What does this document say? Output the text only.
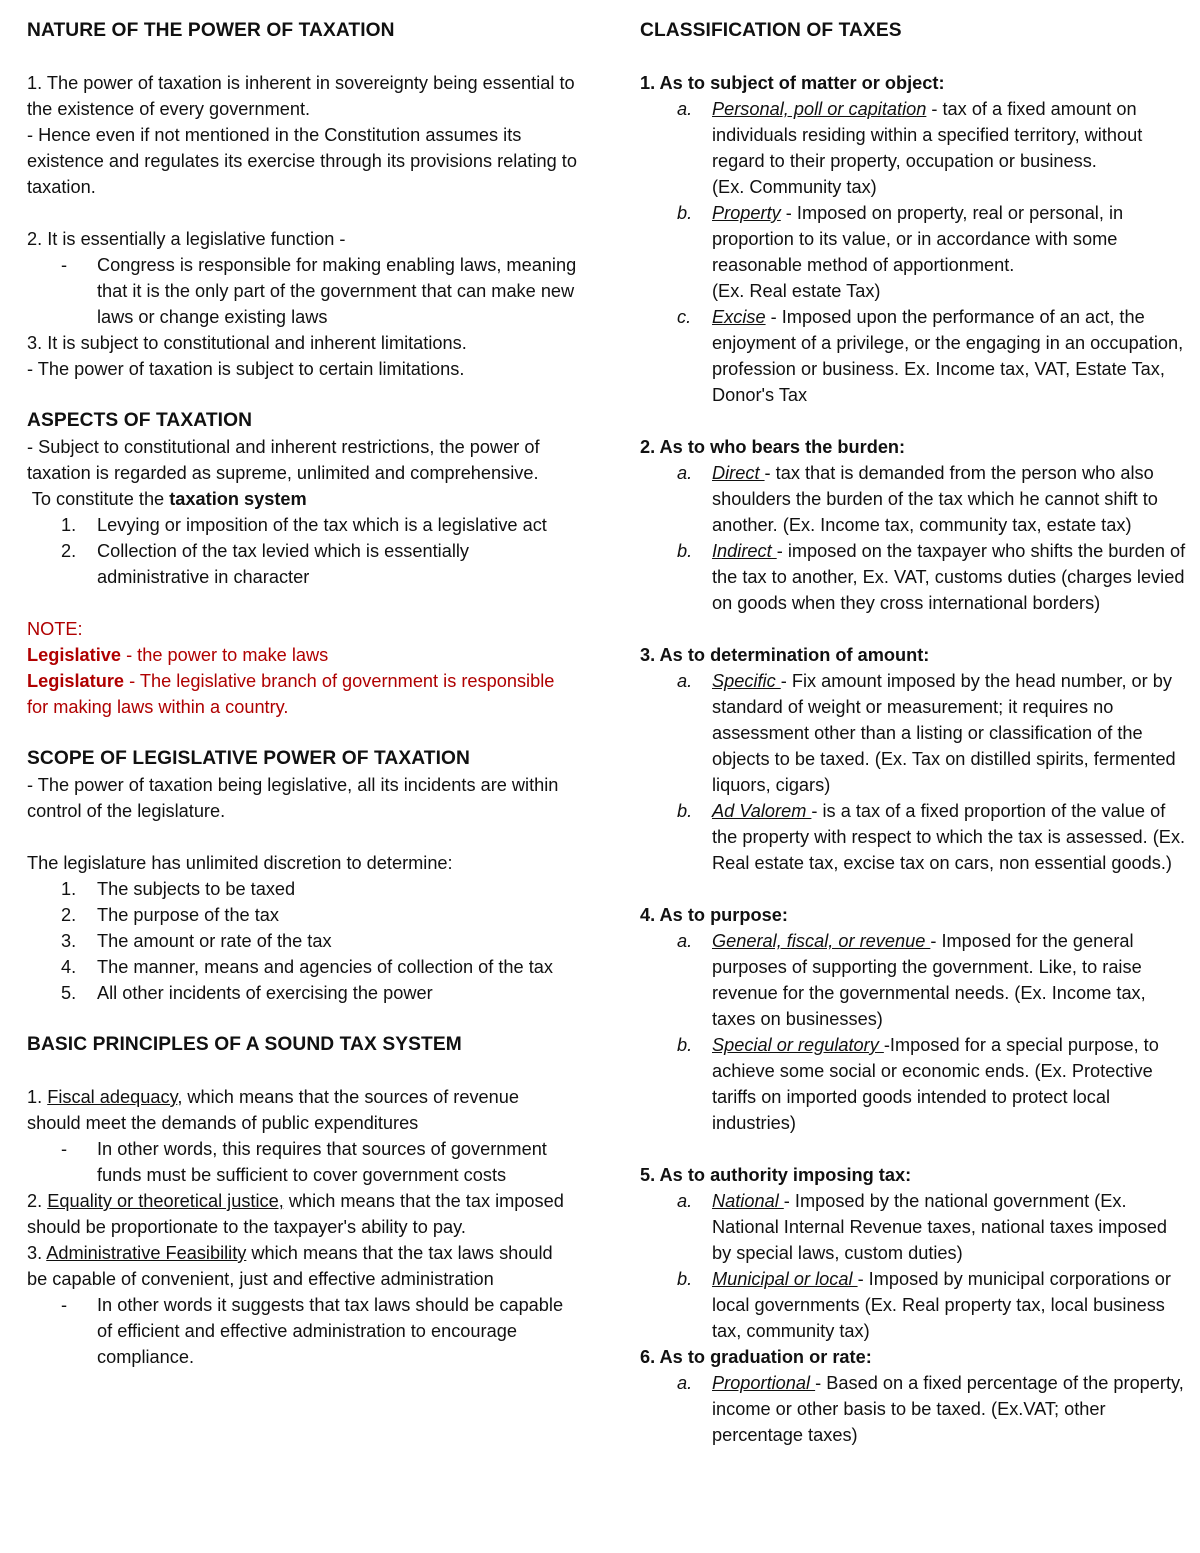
NATURE OF THE POWER OF TAXATION

1. The power of taxation is inherent in sovereignty being essential to the existence of every government.

- Hence even if not mentioned in the Constitution assumes its existence and regulates its exercise through its provisions relating to taxation.

2. It is essentially a legislative function -

- Congress is responsible for making enabling laws, meaning that it is the only part of the government that can make new laws or change existing laws

3. It is subject to constitutional and inherent limitations.

- The power of taxation is subject to certain limitations.

ASPECTS OF TAXATION

- Subject to constitutional and inherent restrictions, the power of taxation is regarded as supreme, unlimited and comprehensive.

To constitute the taxation system

1. Levying or imposition of the tax which is a legislative act
2. Collection of the tax levied which is essentially administrative in character

NOTE:

Legislative - the power to make laws

Legislature - The legislative branch of government is responsible for making laws within a country.

SCOPE OF LEGISLATIVE POWER OF TAXATION

- The power of taxation being legislative, all its incidents are within control of the legislature.

The legislature has unlimited discretion to determine:

1. The subjects to be taxed
2. The purpose of the tax
3. The amount or rate of the tax
4. The manner, means and agencies of collection of the tax
5. All other incidents of exercising the power

BASIC PRINCIPLES OF A SOUND TAX SYSTEM

1. Fiscal adequacy, which means that the sources of revenue should meet the demands of public expenditures

- In other words, this requires that sources of government funds must be sufficient to cover government costs

2. Equality or theoretical justice, which means that the tax imposed should be proportionate to the taxpayer's ability to pay.

3. Administrative Feasibility which means that the tax laws should be capable of convenient, just and effective administration

- In other words it suggests that tax laws should be capable of efficient and effective administration to encourage compliance.

CLASSIFICATION OF TAXES

1. As to subject of matter or object:

a. Personal, poll or capitation - tax of a fixed amount on individuals residing within a specified territory, without regard to their property, occupation or business.
(Ex. Community tax)
b. Property - Imposed on property, real or personal, in proportion to its value, or in accordance with some reasonable method of apportionment.
(Ex. Real estate Tax)
c. Excise - Imposed upon the performance of an act, the enjoyment of a privilege, or the engaging in an occupation, profession or business. Ex. Income tax, VAT, Estate Tax, Donor's Tax

2. As to who bears the burden:

a. Direct - tax that is demanded from the person who also shoulders the burden of the tax which he cannot shift to another. (Ex. Income tax, community tax, estate tax)
b. Indirect - imposed on the taxpayer who shifts the burden of the tax to another, Ex. VAT, customs duties (charges levied on goods when they cross international borders)

3. As to determination of amount:

a. Specific - Fix amount imposed by the head number, or by standard of weight or measurement; it requires no assessment other than a listing or classification of the objects to be taxed. (Ex. Tax on distilled spirits, fermented liquors, cigars)
b. Ad Valorem - is a tax of a fixed proportion of the value of the property with respect to which the tax is assessed. (Ex. Real estate tax, excise tax on cars, non essential goods.)

4. As to purpose:

a. General, fiscal, or revenue - Imposed for the general purposes of supporting the government. Like, to raise revenue for the governmental needs. (Ex. Income tax, taxes on businesses)
b. Special or regulatory -Imposed for a special purpose, to achieve some social or economic ends. (Ex. Protective tariffs on imported goods intended to protect local industries)

5. As to authority imposing tax:

a. National - Imposed by the national government (Ex. National Internal Revenue taxes, national taxes imposed by special laws, custom duties)
b. Municipal or local - Imposed by municipal corporations or local governments (Ex. Real property tax, local business tax, community tax)

6. As to graduation or rate:

a. Proportional - Based on a fixed percentage of the property, income or other basis to be taxed. (Ex.VAT; other percentage taxes)
